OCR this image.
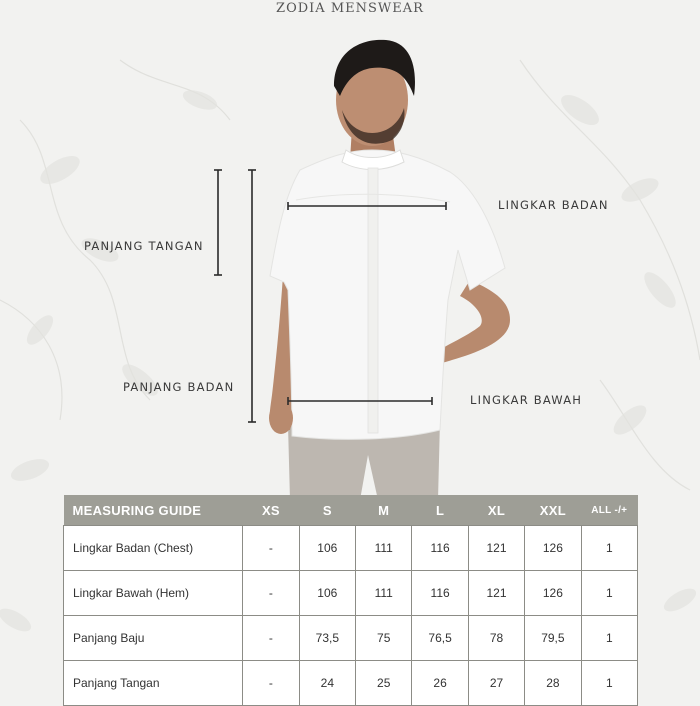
ZODIA MENSWEAR
LINGKAR BADAN
PANJANG TANGAN
PANJANG BADAN
LINGKAR BAWAH
MEASURING GUIDE	XS	S	M	L	XL	XXL	ALL -/+
Lingkar Badan (Chest)	-	106	111	116	121	126	1
Lingkar Bawah (Hem)	-	106	111	116	121	126	1
Panjang Baju	-	73,5	75	76,5	78	79,5	1
Panjang Tangan	-	24	25	26	27	28	1
